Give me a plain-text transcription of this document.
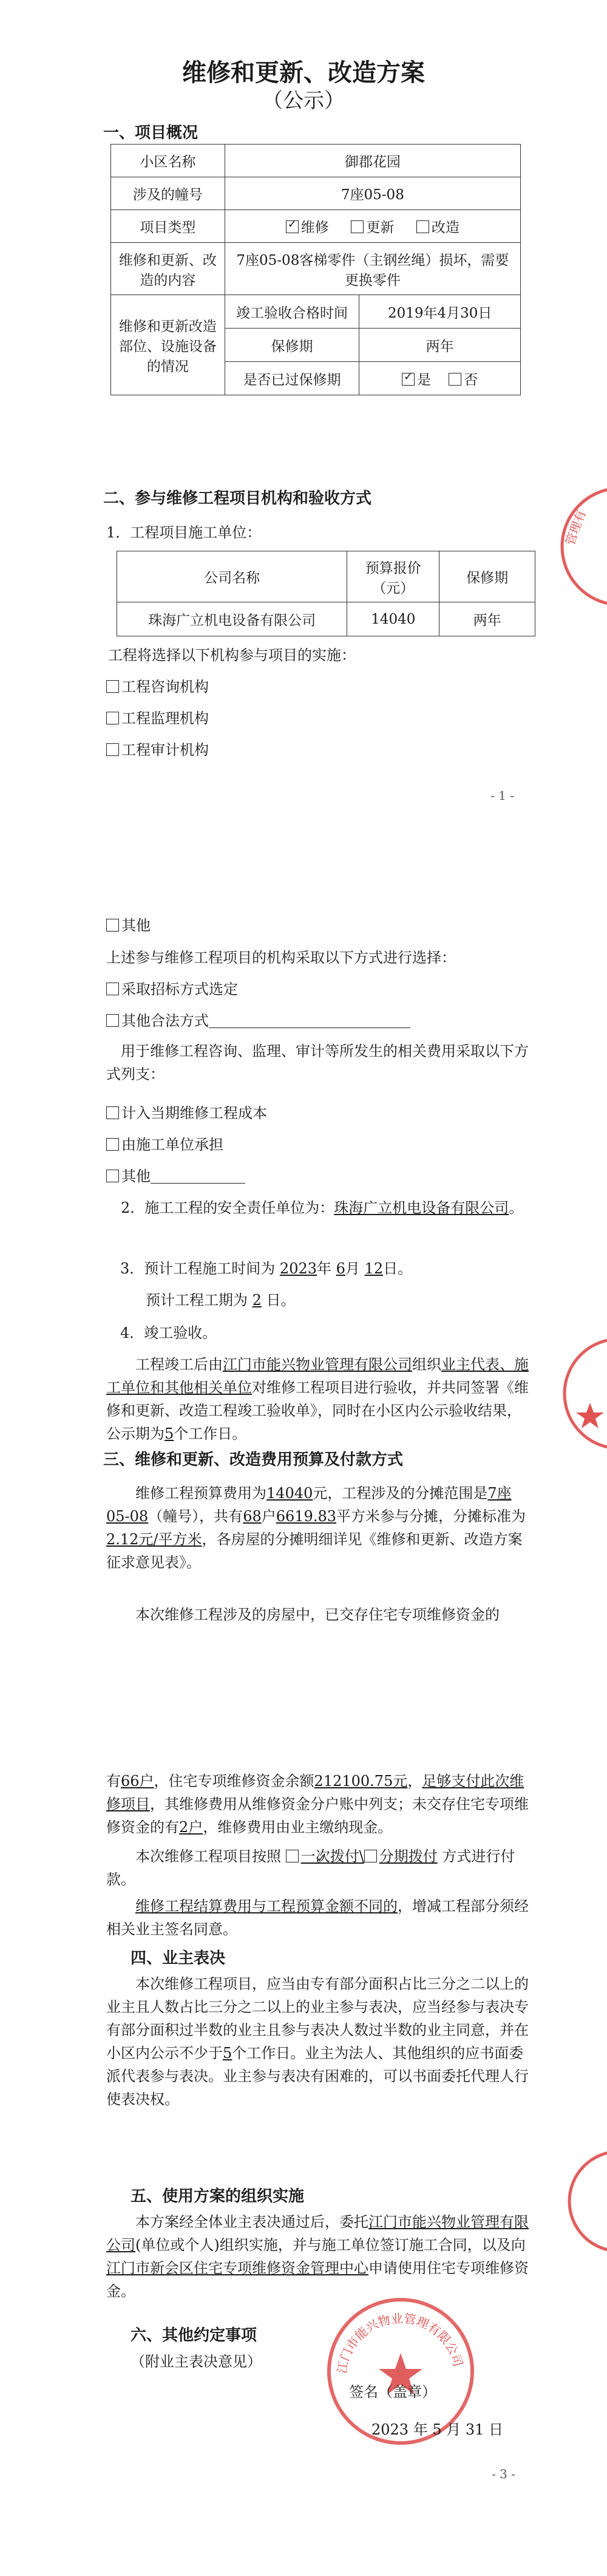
维修和更新、改造方案
（公示）
一、项目概况
小区名称	御郡花园	
涉及的幢号	7座05-08	
项目类型	✓维修 更新 改造
维修和更新、改造的内容	7座05-08客梯零件（主钢丝绳）损坏，需要更换零件	
维修和更新改造部位、设施设备的情况	竣工验收合格时间	2019年4月30日
	保修期	两年
	是否已过保修期	✓是 否
二、参与维修工程项目机构和验收方式
1．工程项目施工单位：
公司名称	预算报价（元）	保修期
珠海广立机电设备有限公司	14040	两年
工程将选择以下机构参与项目的实施：
工程咨询机构
工程监理机构
工程审计机构
- 1 -
管理有
其他
上述参与维修工程项目的机构采取以下方式进行选择：
采取招标方式选定
其他合法方式
用于维修工程咨询、监理、审计等所发生的相关费用采取以下方式列支：
计入当期维修工程成本
由施工单位承担
其他
2．施工工程的安全责任单位为：珠海广立机电设备有限公司。
3．预计工程施工时间为 2023年 6月 12日。
预计工程工期为 2 日。
4．竣工验收。
工程竣工后由江门市能兴物业管理有限公司组织业主代表、施工单位和其他相关单位对维修工程项目进行验收，并共同签署《维修和更新、改造工程竣工验收单》，同时在小区内公示验收结果，公示期为5个工作日。
三、维修和更新、改造费用预算及付款方式
维修工程预算费用为14040元，工程涉及的分摊范围是7座05-08（幢号），共有68户6619.83平方米参与分摊，分摊标准为2.12元/平方米，各房屋的分摊明细详见《维修和更新、改造方案征求意见表》。
本次维修工程涉及的房屋中，已交存住宅专项维修资金的
有66户，住宅专项维修资金余额212100.75元，足够支付此次维修项目，其维修费用从维修资金分户账中列支；未交存住宅专项维修资金的有2户，维修费用由业主缴纳现金。
本次维修工程项目按照 ✓ 一次拨付\ 分期拨付 方式进行付款。
维修工程结算费用与工程预算金额不同的，增减工程部分须经相关业主签名同意。
四、业主表决
本次维修工程项目，应当由专有部分面积占比三分之二以上的业主且人数占比三分之二以上的业主参与表决，应当经参与表决专有部分面积过半数的业主且参与表决人数过半数的业主同意，并在小区内公示不少于5个工作日。业主为法人、其他组织的应书面委派代表参与表决。业主参与表决有困难的，可以书面委托代理人行使表决权。
五、使用方案的组织实施
本方案经全体业主表决通过后，委托江门市能兴物业管理有限公司(单位或个人)组织实施，并与施工单位签订施工合同，以及向江门市新会区住宅专项维修资金管理中心申请使用住宅专项维修资金。
六、其他约定事项
（附业主表决意见）	江门市能兴物业管理有限公司
签名（盖章）
2023 年 5 月 31 日
- 3 -
